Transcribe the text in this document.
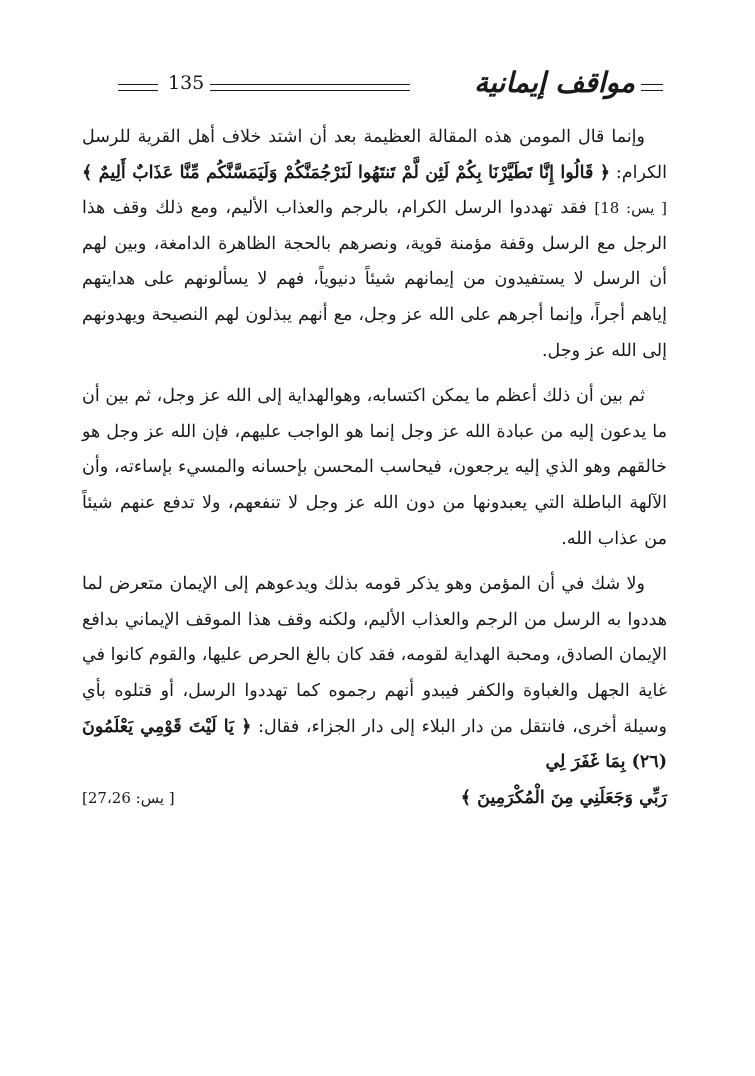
مواقف إيمانية
135

وإنما قال المومن هذه المقالة العظيمة بعد أن اشتد خلاف أهل القرية للرسل الكرام: ﴿ قَالُوا إِنَّا تَطَيَّرْنَا بِكُمْ لَئِن لَّمْ تَنتَهُوا لَنَرْجُمَنَّكُمْ وَلَيَمَسَّنَّكُم مِّنَّا عَذَابٌ أَلِيمٌ ﴾ [ يس: 18] فقد تهددوا الرسل الكرام، بالرجم والعذاب الأليم، ومع ذلك وقف هذا الرجل مع الرسل وقفة مؤمنة قوية، ونصرهم بالحجة الظاهرة الدامغة، وبين لهم أن الرسل لا يستفيدون من إيمانهم شيئاً دنيوياً، فهم لا يسألونهم على هدايتهم إياهم أجراً، وإنما أجرهم على الله عز وجل، مع أنهم يبذلون لهم النصيحة ويهدونهم إلى الله عز وجل.

ثم بين أن ذلك أعظم ما يمكن اكتسابه، وهوالهداية إلى الله عز وجل، ثم بين أن ما يدعون إليه من عبادة الله عز وجل إنما هو الواجب عليهم، فإن الله عز وجل هو خالقهم وهو الذي إليه يرجعون، فيحاسب المحسن بإحسانه والمسيء بإساءته، وأن الآلهة الباطلة التي يعبدونها من دون الله عز وجل لا تنفعهم، ولا تدفع عنهم شيئاً من عذاب الله.

ولا شك في أن المؤمن وهو يذكر قومه بذلك ويدعوهم إلى الإيمان متعرض لما هددوا به الرسل من الرجم والعذاب الأليم، ولكنه وقف هذا الموقف الإيماني بدافع الإيمان الصادق، ومحبة الهداية لقومه، فقد كان بالغ الحرص عليها، والقوم كانوا في غاية الجهل والغباوة والكفر فيبدو أنهم رجموه كما تهددوا الرسل، أو قتلوه بأي وسيلة أخرى، فانتقل من دار البلاء إلى دار الجزاء، فقال: ﴿ يَا لَيْتَ قَوْمِي يَعْلَمُونَ (٢٦) بِمَا غَفَرَ لِي

رَبِّي وَجَعَلَنِي مِنَ الْمُكْرَمِينَ ﴾
[ يس: 27،26]
